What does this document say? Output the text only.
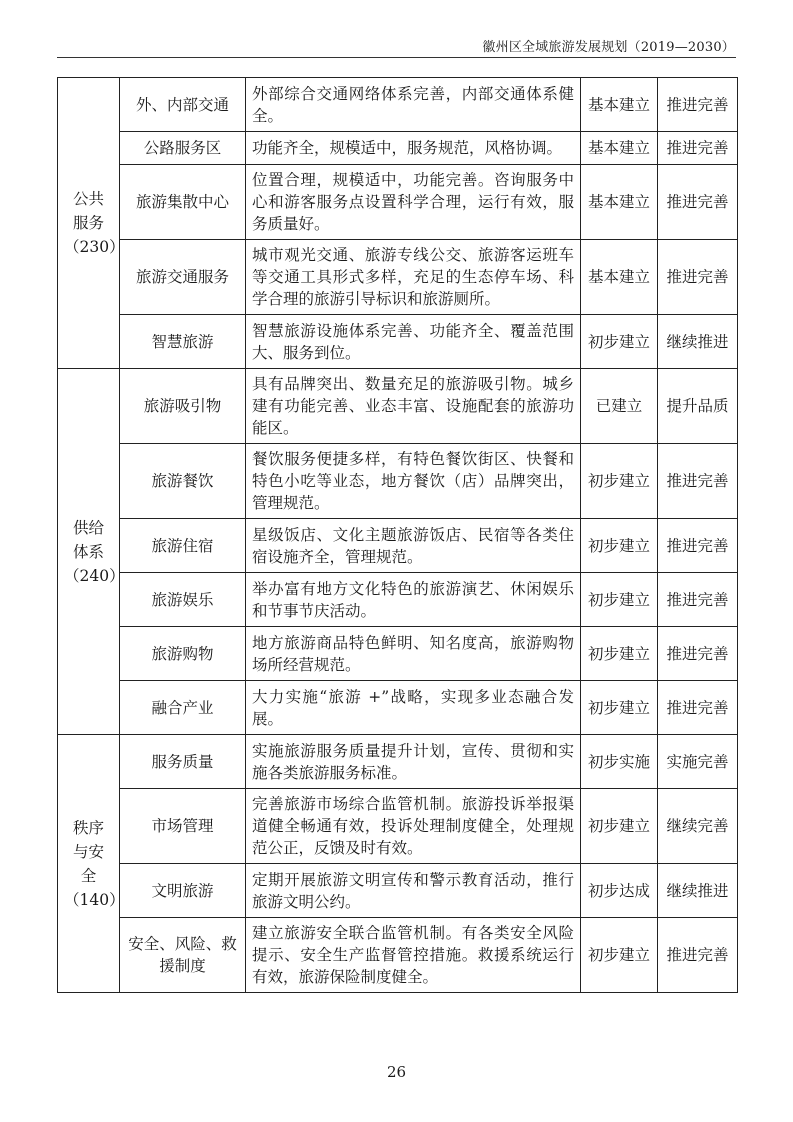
徽州区全域旅游发展规划（2019—2030）
公共
服务
（230）	外、内部交通	外部综合交通网络体系完善，内部交通体系健全。	基本建立	推进完善
	公路服务区	功能齐全，规模适中，服务规范，风格协调。	基本建立	推进完善
	旅游集散中心	位置合理，规模适中，功能完善。咨询服务中心和游客服务点设置科学合理，运行有效，服务质量好。	基本建立	推进完善
	旅游交通服务	城市观光交通、旅游专线公交、旅游客运班车等交通工具形式多样，充足的生态停车场、科学合理的旅游引导标识和旅游厕所。	基本建立	推进完善
	智慧旅游	智慧旅游设施体系完善、功能齐全、覆盖范围大、服务到位。	初步建立	继续推进

供给
体系
（240）	旅游吸引物	具有品牌突出、数量充足的旅游吸引物。城乡建有功能完善、业态丰富、设施配套的旅游功能区。	已建立	提升品质
	旅游餐饮	餐饮服务便捷多样，有特色餐饮街区、快餐和特色小吃等业态，地方餐饮（店）品牌突出，管理规范。	初步建立	推进完善
	旅游住宿	星级饭店、文化主题旅游饭店、民宿等各类住宿设施齐全，管理规范。	初步建立	推进完善
	旅游娱乐	举办富有地方文化特色的旅游演艺、休闲娱乐和节事节庆活动。	初步建立	推进完善
	旅游购物	地方旅游商品特色鲜明、知名度高，旅游购物场所经营规范。	初步建立	推进完善
	融合产业	大力实施“旅游 +”战略，实现多业态融合发展。	初步建立	推进完善

秩序
与安
全
（140）	服务质量	实施旅游服务质量提升计划，宣传、贯彻和实施各类旅游服务标准。	初步实施	实施完善
	市场管理	完善旅游市场综合监管机制。旅游投诉举报渠道健全畅通有效，投诉处理制度健全，处理规范公正，反馈及时有效。	初步建立	继续完善
	文明旅游	定期开展旅游文明宣传和警示教育活动，推行旅游文明公约。	初步达成	继续推进
	安全、风险、救援制度	建立旅游安全联合监管机制。有各类安全风险提示、安全生产监督管控措施。救援系统运行有效，旅游保险制度健全。	初步建立	推进完善
26
